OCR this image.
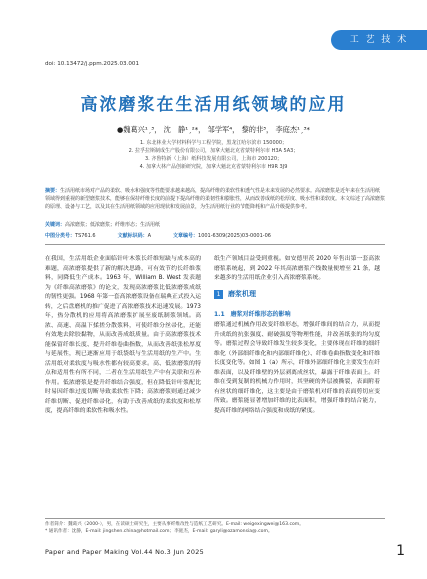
工 艺 技 术
doi: 10.13472/j.ppm.2025.03.001
高浓磨浆在生活用纸领域的应用
●魏葛兴¹ˏ³， 沈　静¹ˏ²*， 邹学军⁴， 黎的非³， 李庭杰¹ˏ³*
1. 东北林业大学材料科学与工程学院，黑龙江哈尔滨市 150000；
2. 拉孚拉斯制成生产股份有限公司，加拿大魁北克省蒙特利尔市 H3A 5A3；
3. 齐鲁特新（上海）纸科技发展有限公司，上海市 200120；
4. 加拿大林产品创新研究院，加拿大魁北克省蒙特利尔市 H9R 3J9
摘要：生活用纸市场对产品的柔软、吸水和强度等性能要求越来越高，提高纤维的柔软性和透气性是未来发展的必然要求。高浓磨浆是近年来在生活用纸领域得到重视的新型磨浆技术，能够在保持纤维长度的前提下提高纤维的柔韧性和膨胀性，从而改善成纸的松厚度、吸水性和柔软度。本文综述了高浓磨浆的原理、设备与工艺，以及其在生活用纸领域的应用现状和发展前景，为生活用纸行业的节能降耗和产品升级提供参考。
关键词：高浓磨浆；低浓磨浆；纤维形态；生活用纸
中图分类号：TS761.6	文献标识码：A	文章编号：1001-6309(2025)03-0001-06
在我国，生活用纸企业面临针叶木浆长纤维短缺与成本高的难题，高浓磨浆提供了新的解决思路，可有效节约长纤维浆料，同降低生产成本。1963 年，William B. West 发表题为《纤维高浓磨浆》的论文，发现高浓磨浆比低浓磨浆成纸的韧性更强。1968 年第一套高浓磨浆设备在瑞典正式投入运转，之后盘磨机的推广促进了高浓磨浆技术迅速发展。1973 年，热分散机的应用将高浓磨浆扩展至废纸制浆领域。高浓、高速、高温下揉搓分散浆料，可使纤维分丝帚化，还能有效地去除胶黏物，从而改善成纸质量。由于高浓磨浆技术能保留纤维长度、提升纤维卷曲指数，从而改善纸张松厚度与延展性，现已逐渐应用于纸袋纸与生活用纸的生产中。生活用纸对柔软度与吸水性都有较高要求。高、低浓磨浆的特点和适用性有所不同，二者在生活用纸生产中有关联和互补作用。低浓磨浆是提升纤维结合强度，但在降低针叶浆配比时易因纤维过度切断导致柔软性下降；高浓磨浆则通过减少纤维切断、促进纤维帚化，有助于改善成纸的柔软度和松厚度，提高纤维的柔软性和吸水性。
纸生产领域目益受到重视。如安德里茨 2020 年售出第一套高浓磨浆系统起，到 2022 年其高浓磨浆产线数量便增至 21 条，越来越多的生活用纸企业引入高浓磨浆系统。
1	磨浆机理
1.1　磨浆对纤维形态的影响
磨浆通过机械作用改变纤维形态，增强纤维间的结合力，从而提升成纸的抗张强度、耐破强度等物理性能，并改善纸张的均匀度等。磨浆过程会导致纤维发生较多变化，主要体现在纤维的细纤维化（外部细纤维化和内部细纤维化）、纤维卷曲指数变化和纤维长度变化等。如图 1（a）所示，纤维外部细纤维化主要发生在纤维表面，以及纤维壁的外层剥离成丝状，暴露于纤维表面上。纤维在受到复制的机械力作用时，其坚硬的外层被撕裂，表面附着有丝状的细纤维化，这主要是由于磨浆机对纤维的表面剪切应变所致。磨浆能显著增加纤维的比表面积，增强纤维的结合能力，提高纤维的网络结合强度和成纸的紧度。
作者简介：魏葛兴（2000-），男，在读硕士研究生，主要从事纤维改性与造纸工艺研究。E-mail: weigexingwei@163.com。
* 通讯作者：沈静，E-mail: jingshen.china@hotmail.com；李庭杰，E-mail: garyli@ozamonsia@.com。
Paper and Paper Making Vol.44 No.3 Jun 2025	1
